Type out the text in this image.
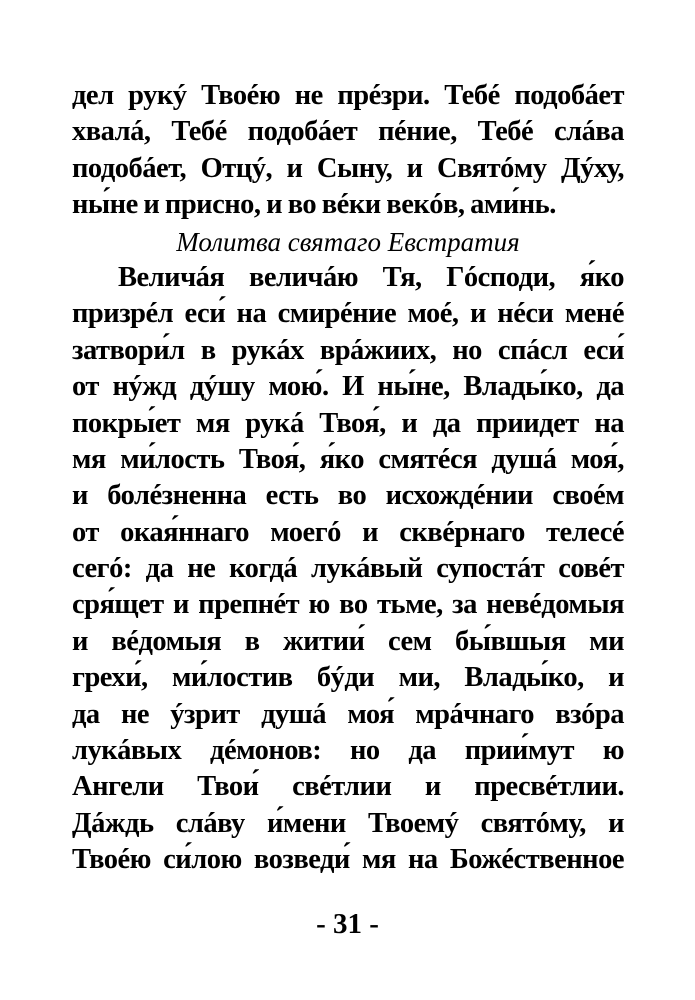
дел рукý Твоéю не прéзри. Тебé подобáет
хвалá, Тебé подобáет пéние, Тебé слáва
подобáет, Отцý, и Сыну, и Святóму Дýху,
ны́не и присно, и во вéки векóв, ами́нь.
Молитва святаго Евстратия
Величáя величáю Тя, Гóсподи, я́ко
призрéл еси́ на смирéние моé, и нéси менé
затвори́л в рукáх врáжиих, но спáсл еси́
от нýжд дýшу мою́. И ны́не, Влады́ко, да
покры́ет мя рукá Твоя́, и да приидет на
мя ми́лость Твоя́, я́ко смятéся душá моя́,
и болéзненна есть во исхождéнии своéм
от окая́ннаго моегó и сквéрнаго телесé
сегó: да не когдá лукáвый супостáт совéт
сря́щет и препнéт ю во тьме, за невéдомыя
и вéдомыя в житии́ сем бы́вшыя ми
грехи́, ми́лостив бýди ми, Влады́ко, и
да не ýзрит душá моя́ мрáчнаго взóра
лукáвых дéмонов: но да прии́мут ю
Ангели Твои́ свéтлии и пресвéтлии.
Дáждь слáву и́мени Твоемý святóму, и
Твоéю си́лою возведи́ мя на Божéственное
- 31 -
